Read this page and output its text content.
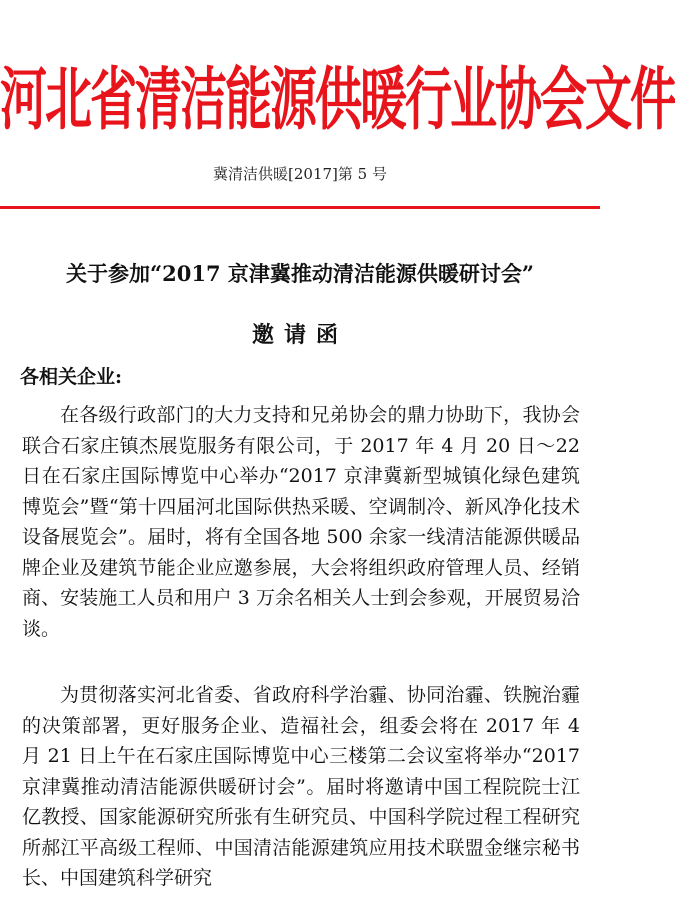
河北省清洁能源供暖行业协会文件
冀清洁供暖[2017]第 5 号
关于参加“2017 京津冀推动清洁能源供暖研讨会”
邀请函
各相关企业:
在各级行政部门的大力支持和兄弟协会的鼎力协助下，我协会联合石家庄镇杰展览服务有限公司，于 2017 年 4 月 20 日～22 日在石家庄国际博览中心举办“2017 京津冀新型城镇化绿色建筑博览会”暨“第十四届河北国际供热采暖、空调制冷、新风净化技术设备展览会”。届时，将有全国各地 500 余家一线清洁能源供暖品牌企业及建筑节能企业应邀参展，大会将组织政府管理人员、经销商、安装施工人员和用户 3 万余名相关人士到会参观，开展贸易洽谈。
为贯彻落实河北省委、省政府科学治霾、协同治霾、铁腕治霾的决策部署，更好服务企业、造福社会，组委会将在 2017 年 4 月 21 日上午在石家庄国际博览中心三楼第二会议室将举办“2017 京津冀推动清洁能源供暖研讨会”。届时将邀请中国工程院院士江亿教授、国家能源研究所张有生研究员、中国科学院过程工程研究所郝江平高级工程师、中国清洁能源建筑应用技术联盟金继宗秘书长、中国建筑科学研究
